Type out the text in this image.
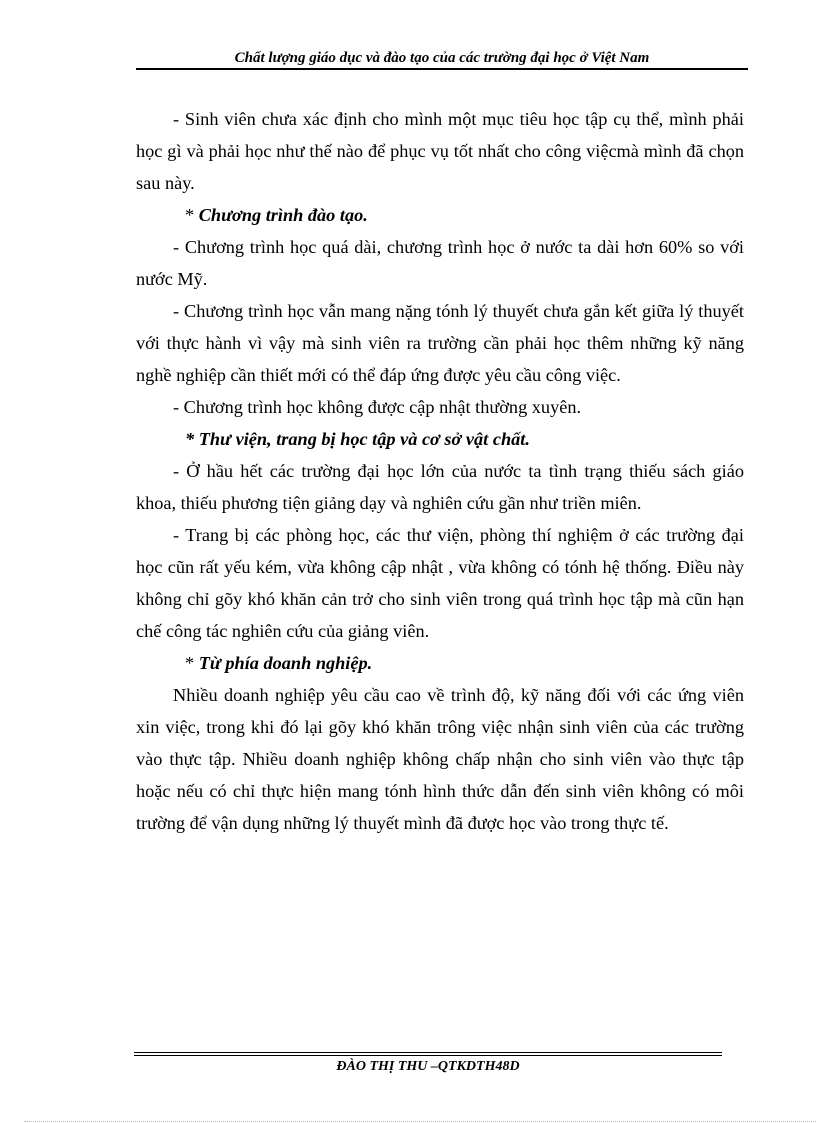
Chất lượng giáo dục và đào tạo của các trường đại học ở Việt Nam

- Sinh viên chưa xác định cho mình một mục tiêu học tập cụ thể, mình phải học gì và phải học như thế nào để phục vụ tốt nhất cho công việcmà mình đã chọn sau này.

* Chương trình đào tạo.

- Chương trình học quá dài, chương trình học ở nước ta dài hơn 60% so với nước Mỹ.

- Chương trình học vẫn mang nặng tónh lý thuyết chưa gắn kết giữa lý thuyết với thực hành vì vậy mà sinh viên ra trường cần phải học thêm những kỹ năng nghề nghiệp cần thiết mới có thể đáp ứng được yêu cầu công việc.

- Chương trình học không được cập nhật thường xuyên.

* Thư viện, trang bị học tập và cơ sở vật chất.

- Ở hầu hết các trường đại học lớn của nước ta tình trạng thiếu sách giáo khoa, thiếu phương tiện giảng dạy và nghiên cứu gần như triền miên.

- Trang bị các phòng học, các thư viện, phòng thí nghiệm ở các trường đại học cũn rất yếu kém, vừa không cập nhật , vừa không có tónh hệ thống. Điều này không chỉ gõy khó khăn cản trở cho sinh viên trong quá trình học tập mà cũn hạn chế công tác nghiên cứu của giảng viên.

* Từ phía doanh nghiệp.

Nhiều doanh nghiệp yêu cầu cao về trình độ, kỹ năng đối với các ứng viên xin việc, trong khi đó lại gõy khó khăn trông việc nhận sinh viên của các trường vào thực tập. Nhiều doanh nghiệp không chấp nhận cho sinh viên vào thực tập hoặc nếu có chỉ thực hiện mang tónh hình thức dẫn đến sinh viên không có môi trường để vận dụng những lý thuyết mình đã được học vào trong thực tế.

ĐÀO THỊ THU –QTKDTH48D
